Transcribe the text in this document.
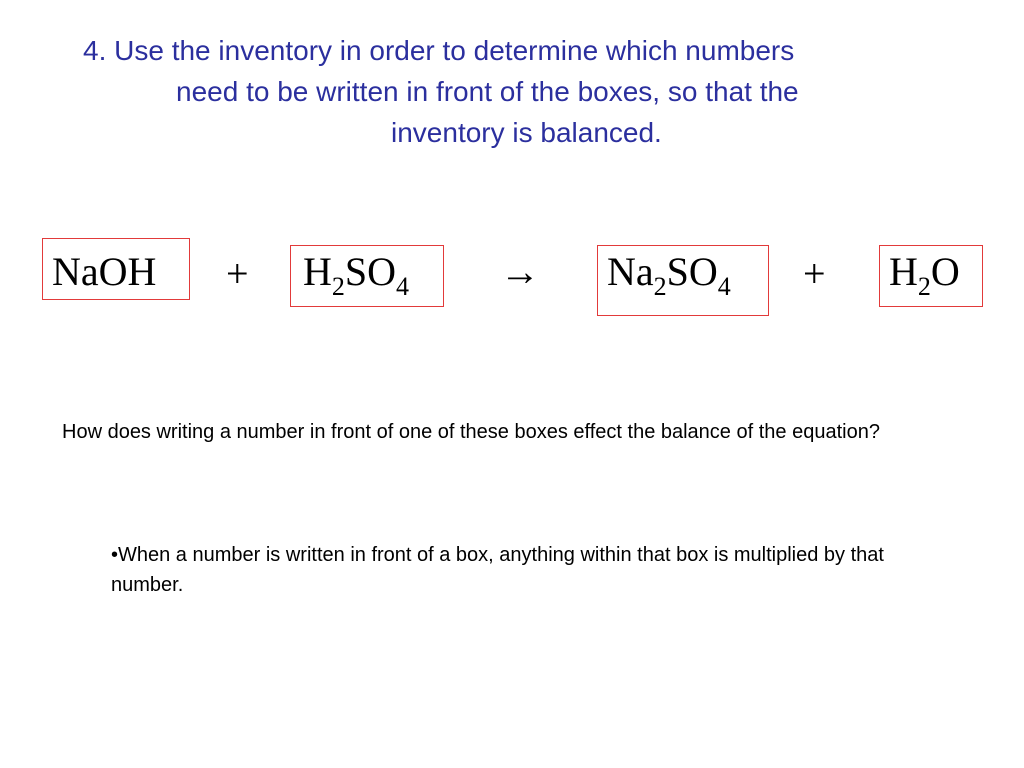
4. Use the inventory in order to determine which numbers
need to be written in front of the boxes, so that the
inventory is balanced.
NaOH + $H_2SO_4 \to Na_2SO_4 + H_2O$

How does writing a number in front of one of these boxes effect the balance of the equation?

•When a number is written in front of a box, anything within that box is multiplied by that number.
